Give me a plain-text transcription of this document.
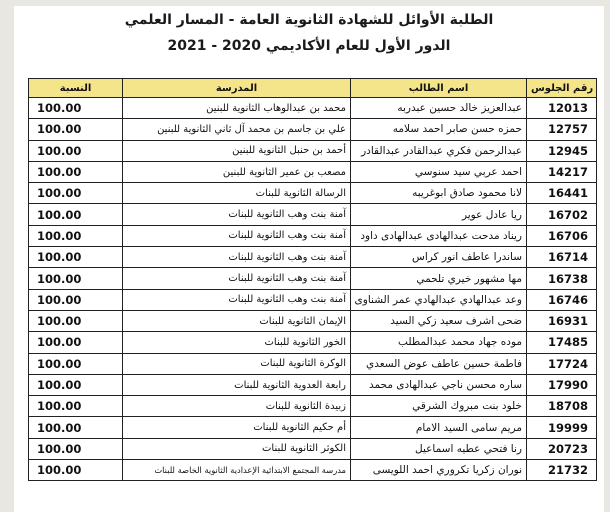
الطلبة الأوائل للشهادة الثانوية العامة - المسار العلمي
الدور الأول للعام الأكاديمي 2020 - 2021
النسبة	المدرسة	اسم الطالب	رقم الجلوس
100.00	محمد بن عبدالوهاب الثانوية للبنين	عبدالعزيز خالد حسين عبدربه	12013
100.00	علي بن جاسم بن محمد آل ثاني الثانوية للبنين	حمزه حسن صابر احمد سلامه	12757
100.00	أحمد بن حنبل الثانوية للبنين	عبدالرحمن فكري عبدالقادر عبدالقادر	12945
100.00	مصعب بن عمير الثانوية للبنين	احمد عربي سيد سنوسي	14217
100.00	الرسالة الثانوية للبنات	لانا محمود صادق ابوغريبه	16441
100.00	آمنة بنت وهب الثانوية للبنات	ريا عادل عوير	16702
100.00	آمنة بنت وهب الثانوية للبنات	ريناد مدحت عبدالهادى عبدالهادى داود	16706
100.00	آمنة بنت وهب الثانوية للبنات	ساندرا عاطف انور كراس	16714
100.00	آمنة بنت وهب الثانوية للبنات	مها مشهور خيري تلحمي	16738
100.00	آمنة بنت وهب الثانوية للبنات	وعد عبدالهادي عبدالهادي عمر الشناوى	16746
100.00	الإيمان الثانوية للبنات	ضحى اشرف سعيد زكي السيد	16931
100.00	الخور الثانوية للبنات	موده جهاد محمد عبدالمطلب	17485
100.00	الوكرة الثانوية للبنات	فاطمة حسين عاطف عوض السعدي	17724
100.00	رابعة العدوية الثانوية للبنات	ساره محسن ناجي عبدالهادى محمد	17990
100.00	زبيدة الثانوية للبنات	خلود بنت مبروك الشرقي	18708
100.00	أم حكيم الثانوية للبنات	مريم سامى السيد الامام	19999
100.00	الكوثر الثانوية للبنات	رنا فتحي عطيه اسماعيل	20723
100.00	مدرسة المجتمع الابتدائية الإعدادية الثانوية الخاصة للبنات	نوران زكريا تكروري احمد اللويسى	21732
